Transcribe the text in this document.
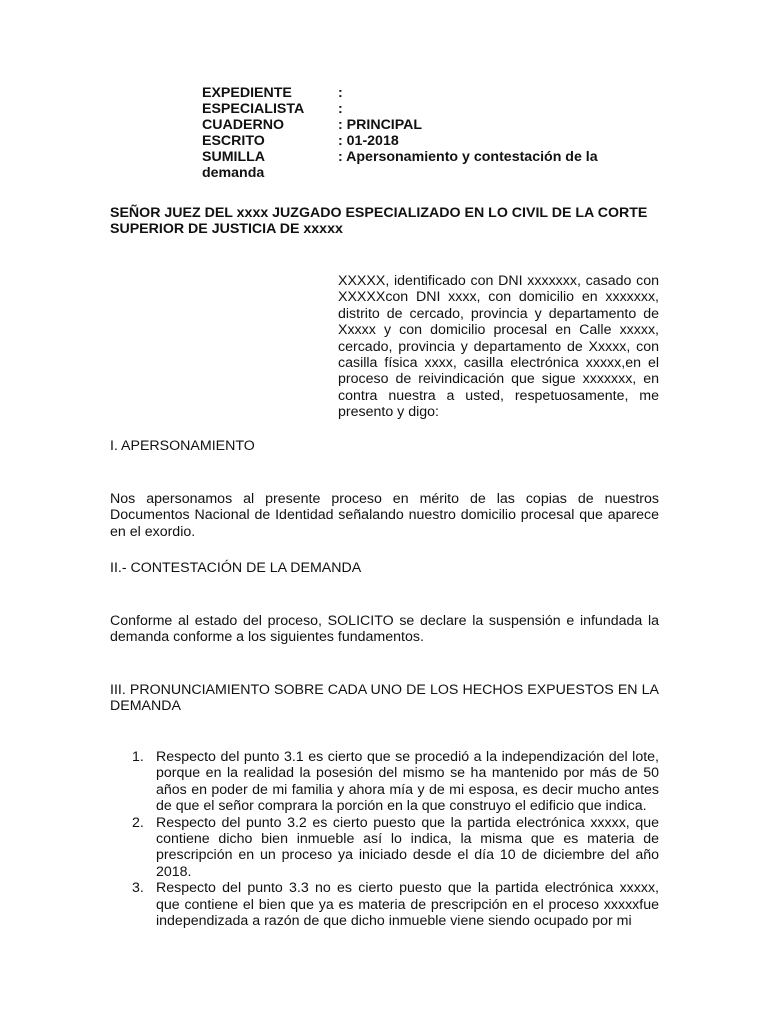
EXPEDIENTE	:
ESPECIALISTA	:
CUADERNO	: PRINCIPAL
ESCRITO	: 01-2018
SUMILLA	: Apersonamiento y contestación de la
demanda
SEÑOR JUEZ DEL xxxx JUZGADO ESPECIALIZADO EN LO CIVIL DE LA CORTE SUPERIOR DE JUSTICIA DE xxxxx
XXXXX, identificado con DNI xxxxxxx, casado con XXXXXcon DNI xxxx, con domicilio en xxxxxxx, distrito de cercado, provincia y departamento de Xxxxx y con domicilio procesal en Calle xxxxx, cercado, provincia y departamento de Xxxxx, con casilla física xxxx, casilla electrónica xxxxx,en el proceso de reivindicación que sigue xxxxxxx, en contra nuestra a usted, respetuosamente, me presento y digo:
I. APERSONAMIENTO
Nos apersonamos al presente proceso en mérito de las copias de nuestros Documentos Nacional de Identidad señalando nuestro domicilio procesal que aparece en el exordio.
II.- CONTESTACIÓN DE LA DEMANDA
Conforme al estado del proceso, SOLICITO se declare la suspensión e infundada la demanda conforme a los siguientes fundamentos.
III. PRONUNCIAMIENTO SOBRE CADA UNO DE LOS HECHOS EXPUESTOS EN LA DEMANDA
1. Respecto del punto 3.1 es cierto que se procedió a la independización del lote, porque en la realidad la posesión del mismo se ha mantenido por más de 50 años en poder de mi familia y ahora mía y de mi esposa, es decir mucho antes de que el señor comprara la porción en la que construyo el edificio que indica.
2. Respecto del punto 3.2 es cierto puesto que la partida electrónica xxxxx, que contiene dicho bien inmueble así lo indica, la misma que es materia de prescripción en un proceso ya iniciado desde el día 10 de diciembre del año 2018.
3. Respecto del punto 3.3 no es cierto puesto que la partida electrónica xxxxx, que contiene el bien que ya es materia de prescripción en el proceso xxxxxfue independizada a razón de que dicho inmueble viene siendo ocupado por mi
